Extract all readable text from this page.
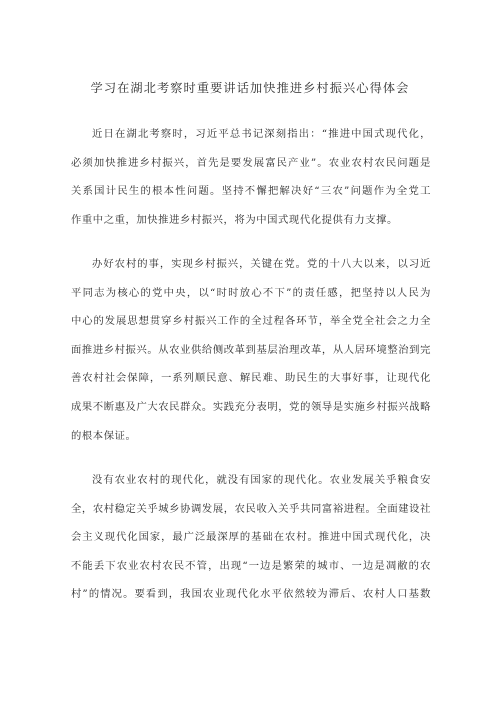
学习在湖北考察时重要讲话加快推进乡村振兴心得体会
近日在湖北考察时，习近平总书记深刻指出：“推进中国式现代化，
必须加快推进乡村振兴，首先是要发展富民产业”。农业农村农民问题是
关系国计民生的根本性问题。坚持不懈把解决好“三农”问题作为全党工
作重中之重，加快推进乡村振兴，将为中国式现代化提供有力支撑。
办好农村的事，实现乡村振兴，关键在党。党的十八大以来，以习近
平同志为核心的党中央，以“时时放心不下”的责任感，把坚持以人民为
中心的发展思想贯穿乡村振兴工作的全过程各环节，举全党全社会之力全
面推进乡村振兴。从农业供给侧改革到基层治理改革，从人居环境整治到完
善农村社会保障，一系列顺民意、解民难、助民生的大事好事，让现代化
成果不断惠及广大农民群众。实践充分表明，党的领导是实施乡村振兴战略
的根本保证。
没有农业农村的现代化，就没有国家的现代化。农业发展关乎粮食安
全，农村稳定关乎城乡协调发展，农民收入关乎共同富裕进程。全面建设社
会主义现代化国家，最广泛最深厚的基础在农村。推进中国式现代化，决
不能丢下农业农村农民不管，出现“一边是繁荣的城市、一边是凋敝的农
村”的情况。要看到，我国农业现代化水平依然较为滞后、农村人口基数
